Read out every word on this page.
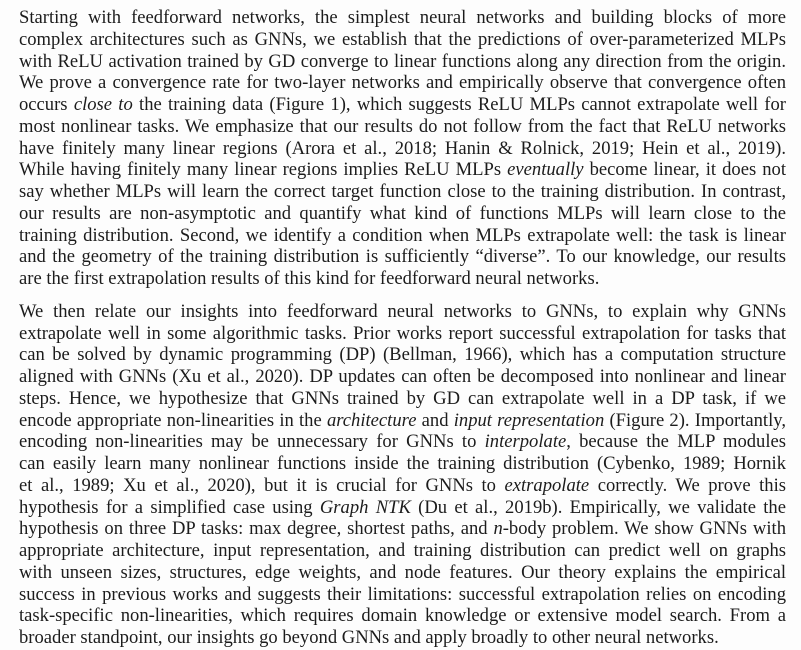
Starting with feedforward networks, the simplest neural networks and building blocks of more
complex architectures such as GNNs, we establish that the predictions of over-parameterized MLPs
with ReLU activation trained by GD converge to linear functions along any direction from the origin.
We prove a convergence rate for two-layer networks and empirically observe that convergence often
occurs close to the training data (Figure 1), which suggests ReLU MLPs cannot extrapolate well for
most nonlinear tasks. We emphasize that our results do not follow from the fact that ReLU networks
have finitely many linear regions (Arora et al., 2018; Hanin & Rolnick, 2019; Hein et al., 2019).
While having finitely many linear regions implies ReLU MLPs eventually become linear, it does not
say whether MLPs will learn the correct target function close to the training distribution. In contrast,
our results are non-asymptotic and quantify what kind of functions MLPs will learn close to the
training distribution. Second, we identify a condition when MLPs extrapolate well: the task is linear
and the geometry of the training distribution is sufficiently “diverse”. To our knowledge, our results
are the first extrapolation results of this kind for feedforward neural networks.

We then relate our insights into feedforward neural networks to GNNs, to explain why GNNs
extrapolate well in some algorithmic tasks. Prior works report successful extrapolation for tasks that
can be solved by dynamic programming (DP) (Bellman, 1966), which has a computation structure
aligned with GNNs (Xu et al., 2020). DP updates can often be decomposed into nonlinear and linear
steps. Hence, we hypothesize that GNNs trained by GD can extrapolate well in a DP task, if we
encode appropriate non-linearities in the architecture and input representation (Figure 2). Importantly,
encoding non-linearities may be unnecessary for GNNs to interpolate, because the MLP modules
can easily learn many nonlinear functions inside the training distribution (Cybenko, 1989; Hornik
et al., 1989; Xu et al., 2020), but it is crucial for GNNs to extrapolate correctly. We prove this
hypothesis for a simplified case using Graph NTK (Du et al., 2019b). Empirically, we validate the
hypothesis on three DP tasks: max degree, shortest paths, and n-body problem. We show GNNs with
appropriate architecture, input representation, and training distribution can predict well on graphs
with unseen sizes, structures, edge weights, and node features. Our theory explains the empirical
success in previous works and suggests their limitations: successful extrapolation relies on encoding
task-specific non-linearities, which requires domain knowledge or extensive model search. From a
broader standpoint, our insights go beyond GNNs and apply broadly to other neural networks.
